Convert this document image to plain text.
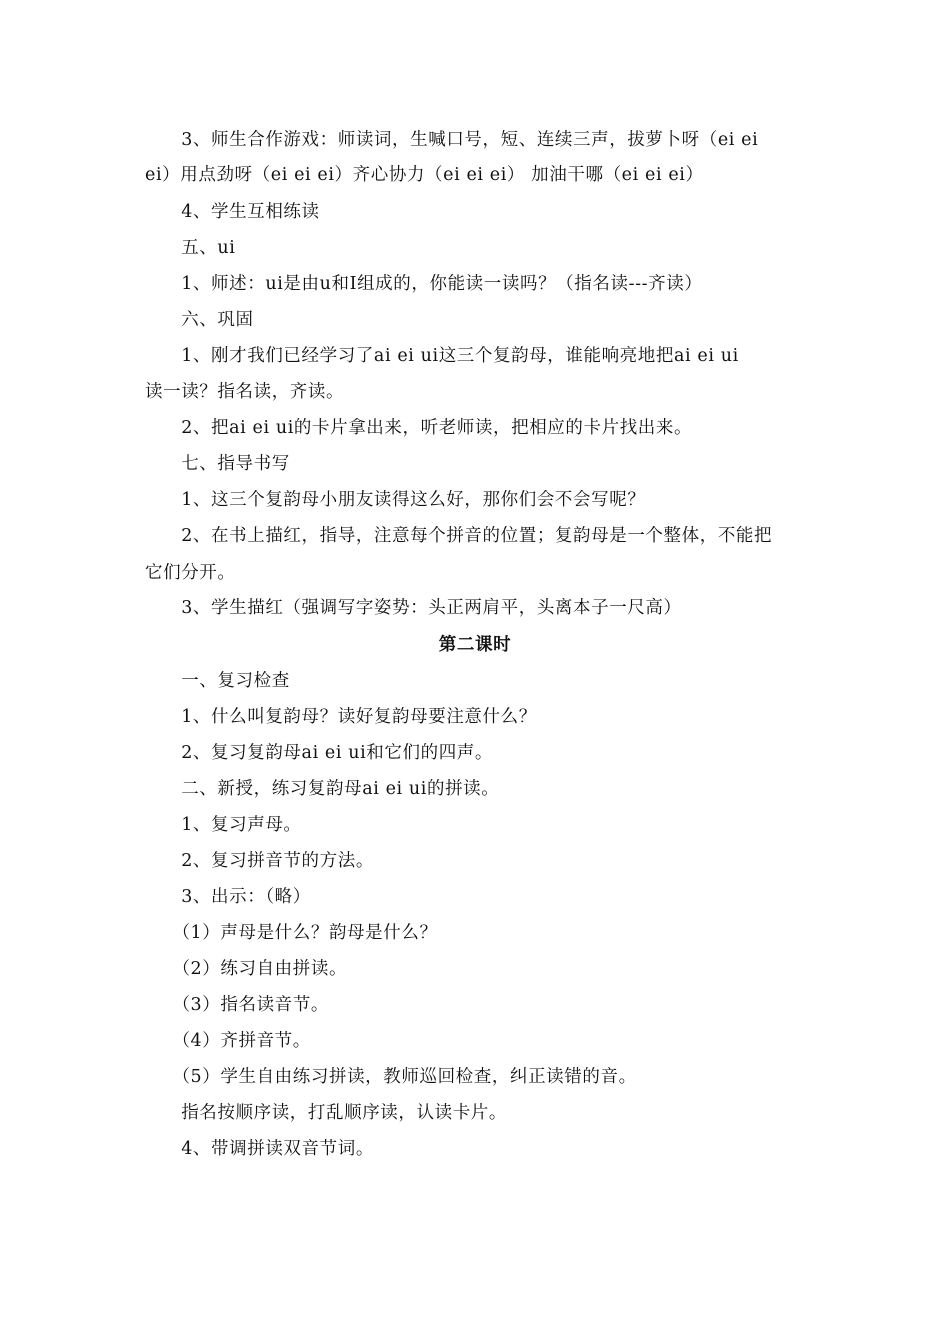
　　3、师生合作游戏：师读词，生喊口号，短、连续三声，拔萝卜呀（ei ei
ei）用点劲呀（ei ei ei）齐心协力（ei ei ei） 加油干哪（ei ei ei）
　　4、学生互相练读
　　五、ui
　　1、师述：ui是由u和I组成的，你能读一读吗？（指名读---齐读）
　　六、巩固
　　1、刚才我们已经学习了ai ei ui这三个复韵母，谁能响亮地把ai ei ui
读一读？指名读，齐读。
　　2、把ai ei ui的卡片拿出来，听老师读，把相应的卡片找出来。
　　七、指导书写
　　1、这三个复韵母小朋友读得这么好，那你们会不会写呢？
　　2、在书上描红，指导，注意每个拼音的位置；复韵母是一个整体，不能把
它们分开。
　　3、学生描红（强调写字姿势：头正两肩平，头离本子一尺高）
第二课时
　　一、复习检查
　　1、什么叫复韵母？读好复韵母要注意什么？
　　2、复习复韵母ai ei ui和它们的四声。
　　二、新授，练习复韵母ai ei ui的拼读。
　　1、复习声母。
　　2、复习拼音节的方法。
　　3、出示：（略）
　　（1）声母是什么？韵母是什么？
　　（2）练习自由拼读。
　　（3）指名读音节。
　　（4）齐拼音节。
　　（5）学生自由练习拼读，教师巡回检查，纠正读错的音。
　　指名按顺序读，打乱顺序读，认读卡片。
　　4、带调拼读双音节词。
